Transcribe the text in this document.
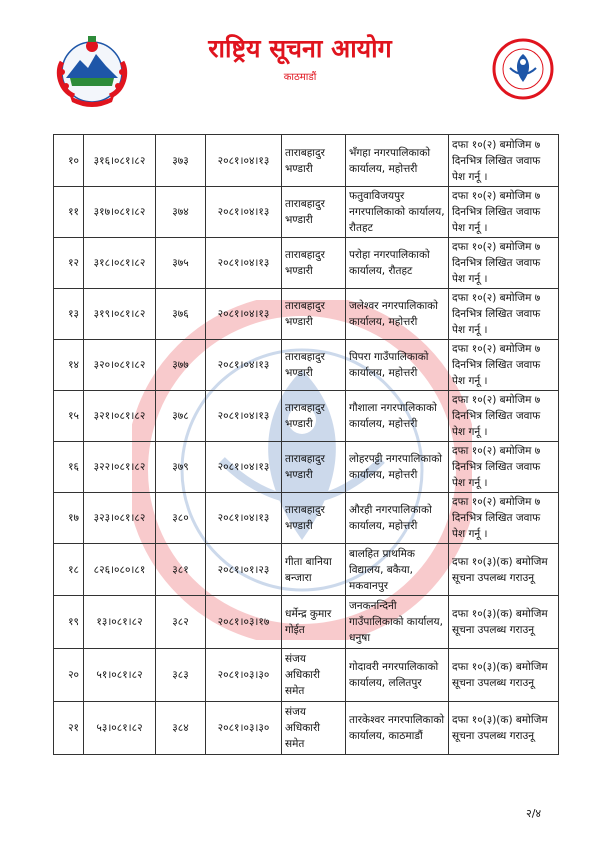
राष्ट्रिय सूचना आयोग
काठमाडौं
१०	३१६।०८१।८२	३७३	२०८१।०४।१३	ताराबहादुर भण्डारी	भँगहा नगरपालिकाको कार्यालय, महोत्तरी	दफा १०(२) बमोजिम ७ दिनभित्र लिखित जवाफ पेश गर्नू ।
११	३१७।०८१।८२	३७४	२०८१।०४।१३	ताराबहादुर भण्डारी	फतुवाविजयपुर नगरपालिकाको कार्यालय, रौतहट	दफा १०(२) बमोजिम ७ दिनभित्र लिखित जवाफ पेश गर्नू ।
१२	३१८।०८१।८२	३७५	२०८१।०४।१३	ताराबहादुर भण्डारी	परोहा नगरपालिकाको कार्यालय, रौतहट	दफा १०(२) बमोजिम ७ दिनभित्र लिखित जवाफ पेश गर्नू ।
१३	३१९।०८१।८२	३७६	२०८१।०४।१३	ताराबहादुर भण्डारी	जलेश्वर नगरपालिकाको कार्यालय, महोत्तरी	दफा १०(२) बमोजिम ७ दिनभित्र लिखित जवाफ पेश गर्नू ।
१४	३२०।०८१।८२	३७७	२०८१।०४।१३	ताराबहादुर भण्डारी	पिपरा गाउँपालिकाको कार्यालय, महोत्तरी	दफा १०(२) बमोजिम ७ दिनभित्र लिखित जवाफ पेश गर्नू ।
१५	३२१।०८१।८२	३७८	२०८१।०४।१३	ताराबहादुर भण्डारी	गौशाला नगरपालिकाको कार्यालय, महोत्तरी	दफा १०(२) बमोजिम ७ दिनभित्र लिखित जवाफ पेश गर्नू ।
१६	३२२।०८१।८२	३७९	२०८१।०४।१३	ताराबहादुर भण्डारी	लोहरपट्टी नगरपालिकाको कार्यालय, महोत्तरी	दफा १०(२) बमोजिम ७ दिनभित्र लिखित जवाफ पेश गर्नू ।
१७	३२३।०८१।८२	३८०	२०८१।०४।१३	ताराबहादुर भण्डारी	औरही नगरपालिकाको कार्यालय, महोत्तरी	दफा १०(२) बमोजिम ७ दिनभित्र लिखित जवाफ पेश गर्नू ।
१८	८२६।०८०।८१	३८१	२०८१।०१।२३	गीता बानिया बन्जारा	बालहित प्राथमिक विद्यालय, बकैया, मकवानपुर	दफा १०(३)(क) बमोजिम सूचना उपलब्ध गराउनू
१९	१३।०८१।८२	३८२	२०८१।०३।१७	धर्मेन्द्र कुमार गोईत	जनकनन्दिनी गाउँपालिकाको कार्यालय, धनुषा	दफा १०(३)(क) बमोजिम सूचना उपलब्ध गराउनू
२०	५१।०८१।८२	३८३	२०८१।०३।३०	संजय अधिकारी समेत	गोदावरी नगरपालिकाको कार्यालय, ललितपुर	दफा १०(३)(क) बमोजिम सूचना उपलब्ध गराउनू
२१	५३।०८१।८२	३८४	२०८१।०३।३०	संजय अधिकारी समेत	तारकेश्वर नगरपालिकाको कार्यालय, काठमाडौं	दफा १०(३)(क) बमोजिम सूचना उपलब्ध गराउनू
२/४
